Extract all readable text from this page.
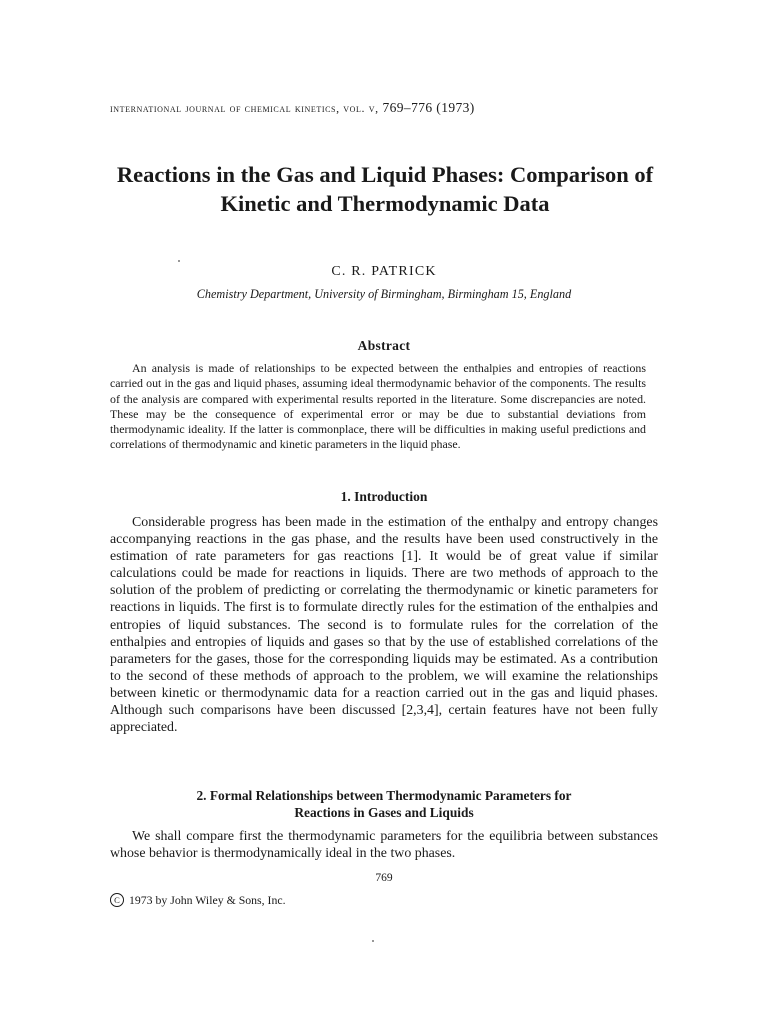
international journal of chemical kinetics, vol. v, 769–776 (1973)
Reactions in the Gas and Liquid Phases: Comparison of Kinetic and Thermodynamic Data
C. R. PATRICK
Chemistry Department, University of Birmingham, Birmingham 15, England
Abstract

An analysis is made of relationships to be expected between the enthalpies and entropies of reactions carried out in the gas and liquid phases, assuming ideal thermodynamic behavior of the components. The results of the analysis are compared with experimental results reported in the literature. Some discrepancies are noted. These may be the consequence of experimental error or may be due to substantial deviations from thermodynamic ideality. If the latter is commonplace, there will be difficulties in making useful predictions and correlations of thermodynamic and kinetic parameters in the liquid phase.

1. Introduction

Considerable progress has been made in the estimation of the enthalpy and entropy changes accompanying reactions in the gas phase, and the results have been used constructively in the estimation of rate parameters for gas reactions [1]. It would be of great value if similar calculations could be made for reactions in liquids. There are two methods of approach to the solution of the problem of predicting or correlating the thermodynamic or kinetic parameters for reactions in liquids. The first is to formulate directly rules for the estimation of the enthalpies and entropies of liquid substances. The second is to formulate rules for the correlation of the enthalpies and entropies of liquids and gases so that by the use of established correlations of the parameters for the gases, those for the corresponding liquids may be estimated. As a contribution to the second of these methods of approach to the problem, we will examine the relationships between kinetic or thermodynamic data for a reaction carried out in the gas and liquid phases. Although such comparisons have been discussed [2,3,4], certain features have not been fully appreciated.

2. Formal Relationships between Thermodynamic Parameters for
Reactions in Gases and Liquids

We shall compare first the thermodynamic parameters for the equilibria between substances whose behavior is thermodynamically ideal in the two phases.

769
C 1973 by John Wiley & Sons, Inc.
